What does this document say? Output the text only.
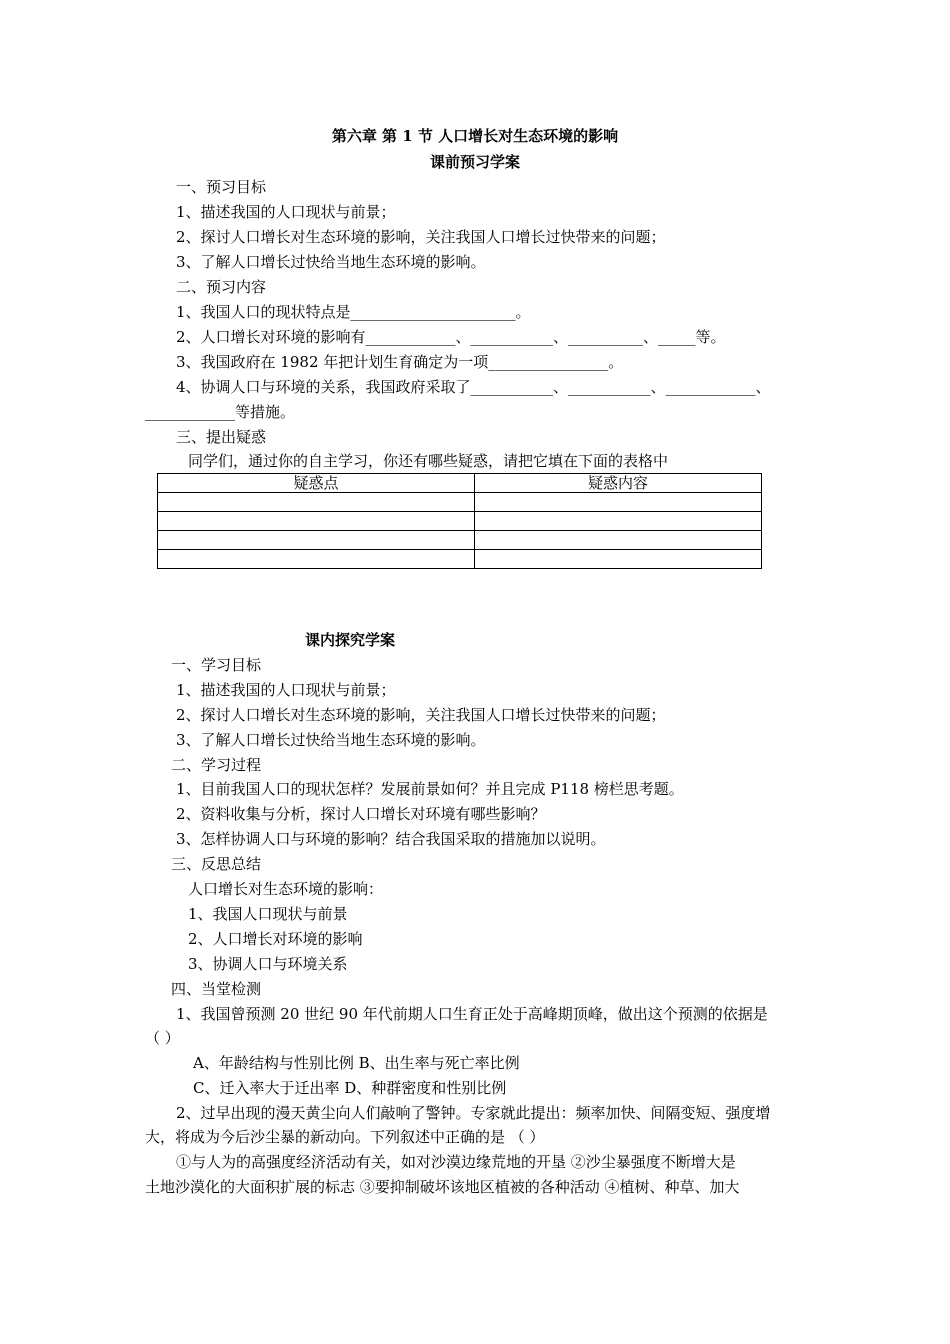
第六章 第 1 节 人口增长对生态环境的影响
课前预习学案
一、预习目标
1、描述我国的人口现状与前景；
2、探讨人口增长对生态环境的影响，关注我国人口增长过快带来的问题；
3、了解人口增长过快给当地生态环境的影响。
二、预习内容
1、我国人口的现状特点是______________________。
2、人口增长对环境的影响有____________、___________、__________、_____等。
3、我国政府在 1982 年把计划生育确定为一项________________。
4、协调人口与环境的关系，我国政府采取了___________、___________、____________、
____________等措施。
三、提出疑惑
同学们，通过你的自主学习，你还有哪些疑惑，请把它填在下面的表格中
疑惑点	疑惑内容

课内探究学案
一、学习目标
1、描述我国的人口现状与前景；
2、探讨人口增长对生态环境的影响，关注我国人口增长过快带来的问题；
3、了解人口增长过快给当地生态环境的影响。
二、学习过程
1、目前我国人口的现状怎样？发展前景如何？并且完成 P118 榜栏思考题。
2、资料收集与分析，探讨人口增长对环境有哪些影响？
3、怎样协调人口与环境的影响？结合我国采取的措施加以说明。
三、反思总结
人口增长对生态环境的影响：
1、我国人口现状与前景
2、人口增长对环境的影响
3、协调人口与环境关系
四、当堂检测
1、我国曾预测 20 世纪 90 年代前期人口生育正处于高峰期顶峰，做出这个预测的依据是
（ ）
A、年龄结构与性别比例 B、出生率与死亡率比例
C、迁入率大于迁出率 D、种群密度和性别比例
2、过早出现的漫天黄尘向人们敲响了警钟。专家就此提出：频率加快、间隔变短、强度增
大，将成为今后沙尘暴的新动向。下列叙述中正确的是 （ ）
①与人为的高强度经济活动有关，如对沙漠边缘荒地的开垦 ②沙尘暴强度不断增大是
土地沙漠化的大面积扩展的标志 ③要抑制破坏该地区植被的各种活动 ④植树、种草、加大
